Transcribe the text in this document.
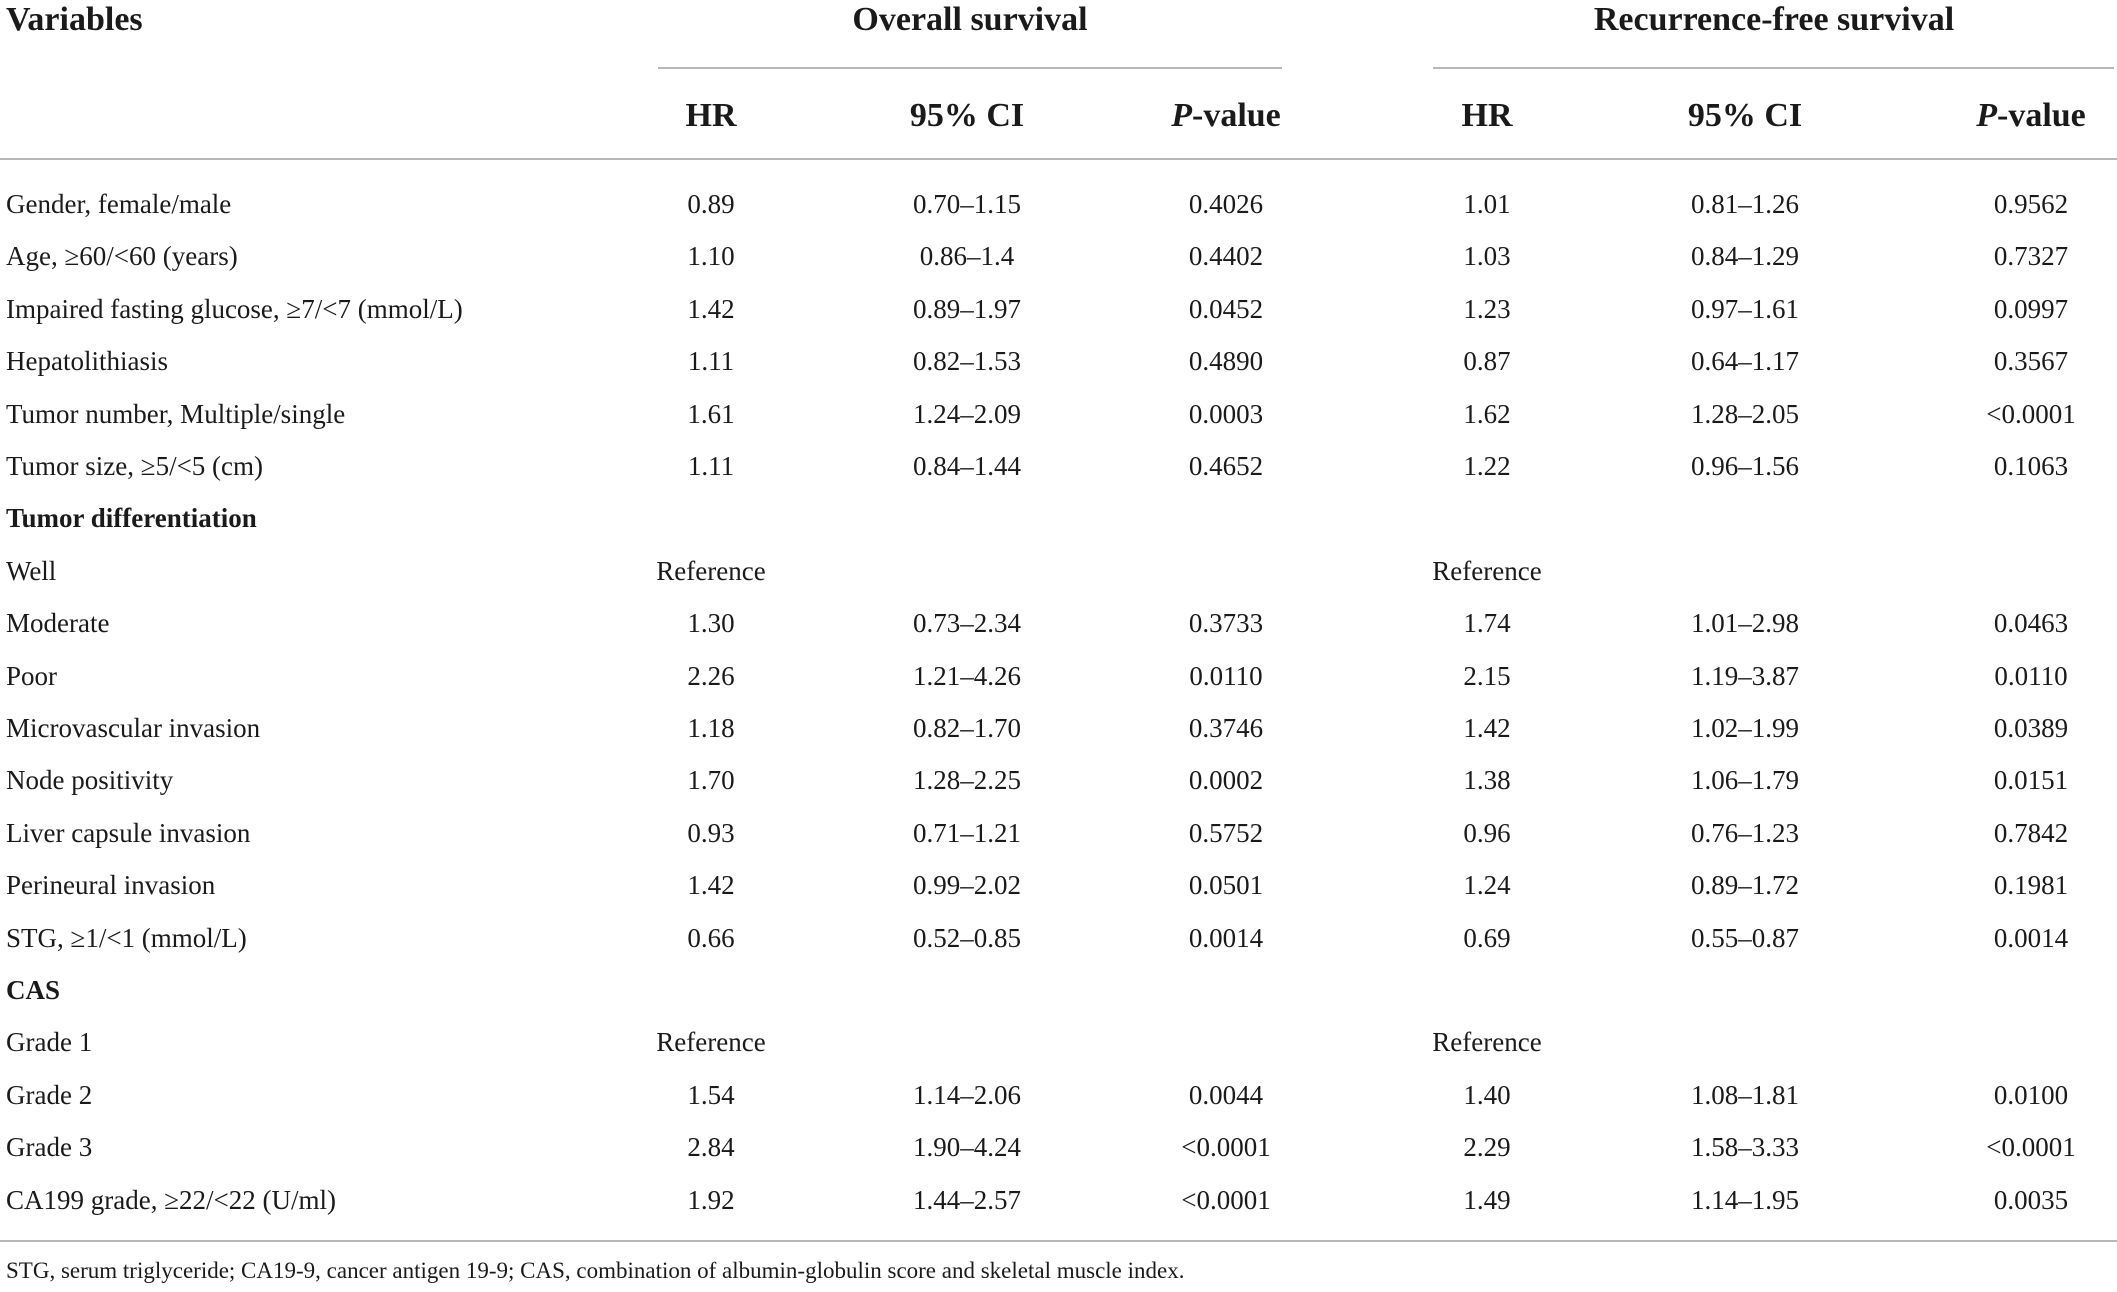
Variables	Overall survival	Recurrence-free survival
HR	95% CI	P-value	HR	95% CI	P-value
Gender, female/male	0.89	0.70–1.15	0.4026	1.01	0.81–1.26	0.9562
Age, ≥60/<60 (years)	1.10	0.86–1.4	0.4402	1.03	0.84–1.29	0.7327
Impaired fasting glucose, ≥7/<7 (mmol/L)	1.42	0.89–1.97	0.0452	1.23	0.97–1.61	0.0997
Hepatolithiasis	1.11	0.82–1.53	0.4890	0.87	0.64–1.17	0.3567
Tumor number, Multiple/single	1.61	1.24–2.09	0.0003	1.62	1.28–2.05	<0.0001
Tumor size, ≥5/<5 (cm)	1.11	0.84–1.44	0.4652	1.22	0.96–1.56	0.1063
Tumor differentiation
Well	Reference	Reference
Moderate	1.30	0.73–2.34	0.3733	1.74	1.01–2.98	0.0463
Poor	2.26	1.21–4.26	0.0110	2.15	1.19–3.87	0.0110
Microvascular invasion	1.18	0.82–1.70	0.3746	1.42	1.02–1.99	0.0389
Node positivity	1.70	1.28–2.25	0.0002	1.38	1.06–1.79	0.0151
Liver capsule invasion	0.93	0.71–1.21	0.5752	0.96	0.76–1.23	0.7842
Perineural invasion	1.42	0.99–2.02	0.0501	1.24	0.89–1.72	0.1981
STG, ≥1/<1 (mmol/L)	0.66	0.52–0.85	0.0014	0.69	0.55–0.87	0.0014
CAS
Grade 1	Reference	Reference
Grade 2	1.54	1.14–2.06	0.0044	1.40	1.08–1.81	0.0100
Grade 3	2.84	1.90–4.24	<0.0001	2.29	1.58–3.33	<0.0001
CA199 grade, ≥22/<22 (U/ml)	1.92	1.44–2.57	<0.0001	1.49	1.14–1.95	0.0035
STG, serum triglyceride; CA19-9, cancer antigen 19-9; CAS, combination of albumin-globulin score and skeletal muscle index.
